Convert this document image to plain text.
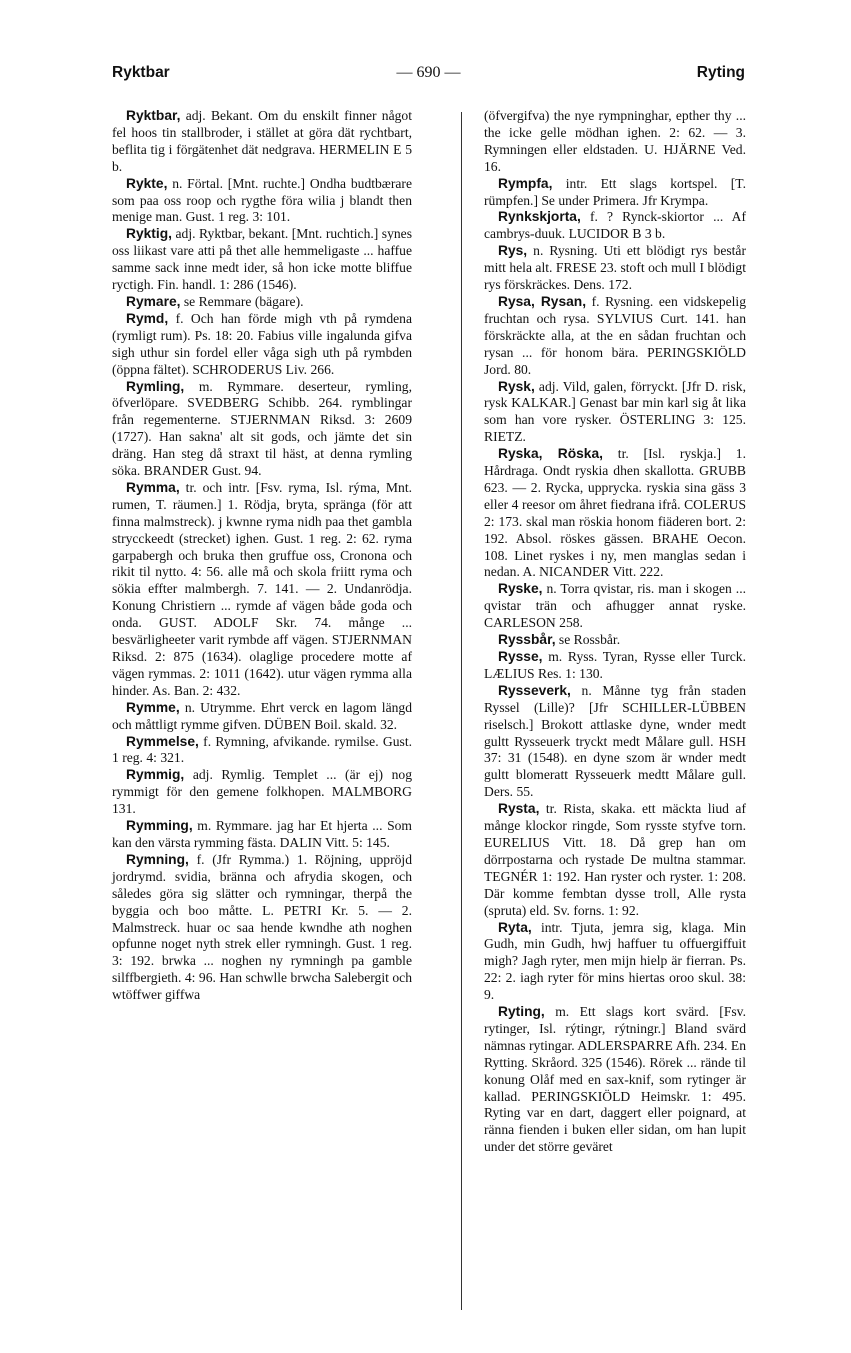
Ryktbar	— 690 —	Ryting

Ryktbar, adj. Bekant. Om du enskilt finner något fel hoos tin stallbroder, i stället at göra dät rychtbart, beflita tig i förgätenhet dät nedgrava. HERMELIN E 5 b.

Rykte, n. Förtal. [Mnt. ruchte.] Ondha budtbærare som paa oss roop och rygthe föra wilia j blandt then menige man. Gust. 1 reg. 3: 101.

Ryktig, adj. Ryktbar, bekant. [Mnt. ruchtich.] synes oss liikast vare atti på thet alle hemmeligaste ... haffue samme sack inne medt ider, så hon icke motte bliffue ryctigh. Fin. handl. 1: 286 (1546).

Rymare, se Remmare (bägare).

Rymd, f. Och han förde migh vth på rymdena (rymligt rum). Ps. 18: 20. Fabius ville ingalunda gifva sigh uthur sin fordel eller våga sigh uth på rymbden (öppna fältet). SCHRODERUS Liv. 266.

Rymling, m. Rymmare. deserteur, rymling, öfverlöpare. SVEDBERG Schibb. 264. rymblingar från regementerne. STJERNMAN Riksd. 3: 2609 (1727). Han sakna' alt sit gods, och jämte det sin dräng. Han steg då straxt til häst, at denna rymling söka. BRANDER Gust. 94.

Rymma, tr. och intr. [Fsv. ryma, Isl. rýma, Mnt. rumen, T. räumen.] 1. Rödja, bryta, spränga (för att finna malmstreck). j kwnne ryma nidh paa thet gambla strycckeedt (strecket) ighen. Gust. 1 reg. 2: 62. ryma garpabergh och bruka then gruffue oss, Cronona och rikit til nytto. 4: 56. alle må och skola friitt ryma och sökia effter malmbergh. 7. 141. — 2. Undanrödja. Konung Christiern ... rymde af vägen både goda och onda. GUST. ADOLF Skr. 74. månge ... besvärligheeter varit rymbde aff vägen. STJERNMAN Riksd. 2: 875 (1634). olaglige procedere motte af vägen rymmas. 2: 1011 (1642). utur vägen rymma alla hinder. As. Ban. 2: 432.

Rymme, n. Utrymme. Ehrt verck en lagom längd och måttligt rymme gifven. DÜBEN Boil. skald. 32.

Rymmelse, f. Rymning, afvikande. rymilse. Gust. 1 reg. 4: 321.

Rymmig, adj. Rymlig. Templet ... (är ej) nog rymmigt för den gemene folkhopen. MALMBORG 131.

Rymming, m. Rymmare. jag har Et hjerta ... Som kan den värsta rymming fästa. DALIN Vitt. 5: 145.

Rymning, f. (Jfr Rymma.) 1. Röjning, uppröjd jordrymd. svidia, bränna och afrydia skogen, och således göra sig slätter och rymningar, therpå the byggia och boo måtte. L. PETRI Kr. 5. — 2. Malmstreck. huar oc saa hende kwndhe ath noghen opfunne noget nyth strek eller rymningh. Gust. 1 reg. 3: 192. brwka ... noghen ny rymningh pa gamble silffbergieth. 4: 96. Han schwlle brwcha Salebergit och wtöffwer giffwa

(öfvergifva) the nye rympninghar, epther thy ... the icke gelle mödhan ighen. 2: 62. — 3. Rymningen eller eldstaden. U. HJÄRNE Ved. 16.

Rympfa, intr. Ett slags kortspel. [T. rümpfen.] Se under Primera. Jfr Krympa.

Rynkskjorta, f. ? Rynck-skiortor ... Af cambrys-duuk. LUCIDOR B 3 b.

Rys, n. Rysning. Uti ett blödigt rys består mitt hela alt. FRESE 23. stoft och mull I blödigt rys förskräckes. Dens. 172.

Rysa, Rysan, f. Rysning. een vidskepelig fruchtan och rysa. SYLVIUS Curt. 141. han förskräckte alla, at the en sådan fruchtan och rysan ... för honom bära. PERINGSKIÖLD Jord. 80.

Rysk, adj. Vild, galen, förryckt. [Jfr D. risk, rysk KALKAR.] Genast bar min karl sig åt lika som han vore rysker. ÖSTERLING 3: 125. RIETZ.

Ryska, Röska, tr. [Isl. ryskja.] 1. Hårdraga. Ondt ryskia dhen skallotta. GRUBB 623. — 2. Rycka, upprycka. ryskia sina gäss 3 eller 4 reesor om åhret fiedrana ifrå. COLERUS 2: 173. skal man röskia honom fiäderen bort. 2: 192. Absol. röskes gässen. BRAHE Oecon. 108. Linet ryskes i ny, men manglas sedan i nedan. A. NICANDER Vitt. 222.

Ryske, n. Torra qvistar, ris. man i skogen ... qvistar trän och afhugger annat ryske. CARLESON 258.

Ryssbår, se Rossbår.

Rysse, m. Ryss. Tyran, Rysse eller Turck. LÆLIUS Res. 1: 130.

Rysseverk, n. Månne tyg från staden Ryssel (Lille)? [Jfr SCHILLER-LÜBBEN riselsch.] Brokott attlaske dyne, wnder medt gultt Rysseuerk tryckt medt Målare gull. HSH 37: 31 (1548). en dyne szom är wnder medt gultt blomeratt Rysseuerk medtt Målare gull. Ders. 55.

Rysta, tr. Rista, skaka. ett mäckta liud af månge klockor ringde, Som rysste styfve torn. EURELIUS Vitt. 18. Då grep han om dörrpostarna och rystade De multna stammar. TEGNÉR 1: 192. Han ryster och ryster. 1: 208. Där komme fembtan dysse troll, Alle rysta (spruta) eld. Sv. forns. 1: 92.

Ryta, intr. Tjuta, jemra sig, klaga. Min Gudh, min Gudh, hwj haffuer tu offuergiffuit migh? Jagh ryter, men mijn hielp är fierran. Ps. 22: 2. iagh ryter för mins hiertas oroo skul. 38: 9.

Ryting, m. Ett slags kort svärd. [Fsv. rytinger, Isl. rýtingr, rýtningr.] Bland svärd nämnas rytingar. ADLERSPARRE Afh. 234. En Rytting. Skråord. 325 (1546). Rörek ... rände til konung Olåf med en sax-knif, som rytinger är kallad. PERINGSKIÖLD Heimskr. 1: 495. Ryting var en dart, daggert eller poignard, at ränna fienden i buken eller sidan, om han lupit under det större geväret
